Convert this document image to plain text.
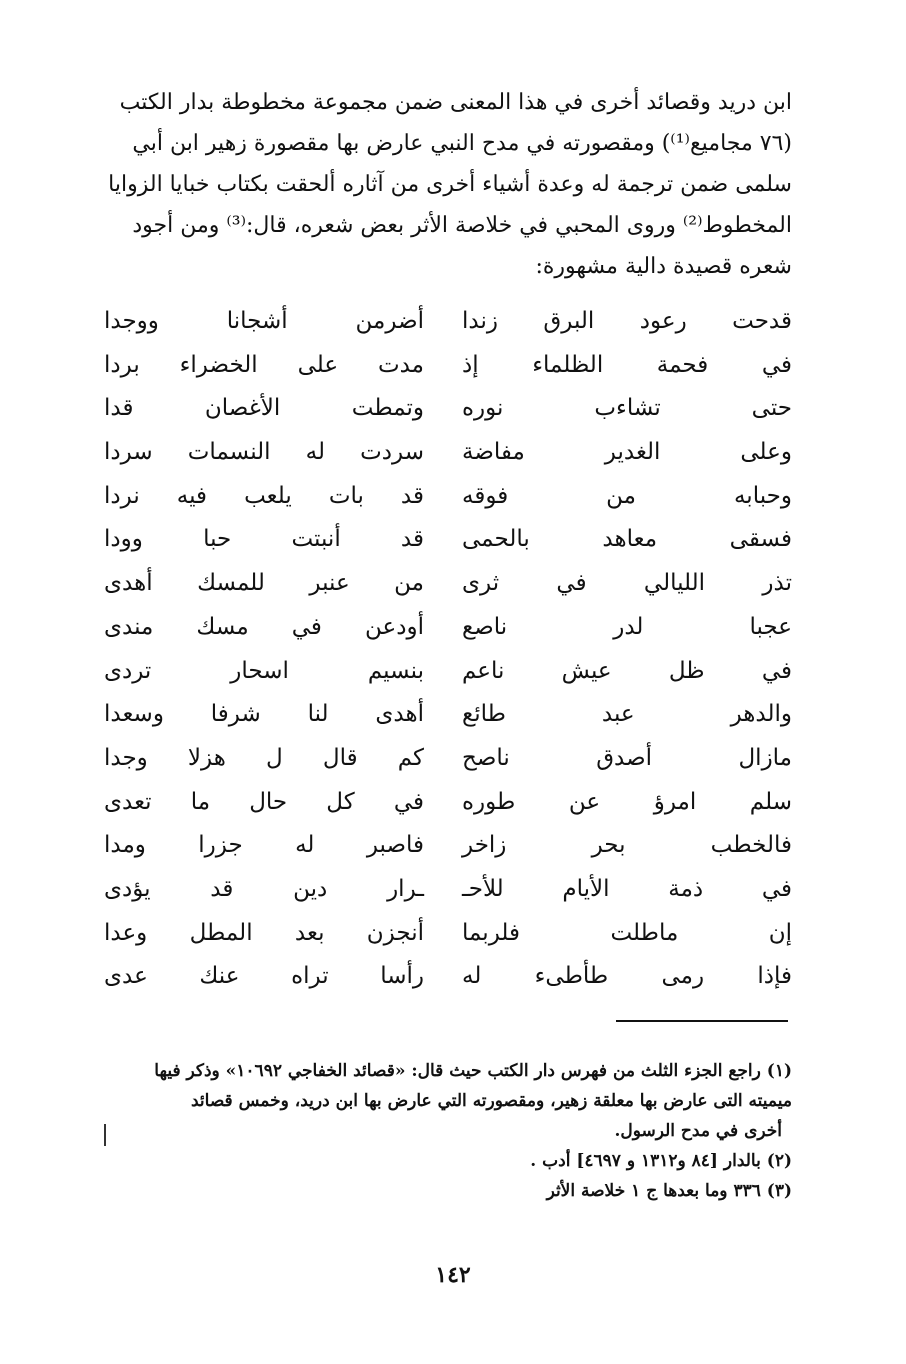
ابن دريد وقصائد أخرى في هذا المعنى ضمن مجموعة مخطوطة بدار الكتب

(٧٦ مجاميع⁽¹⁾) ومقصورته في مدح النبي عارض بها مقصورة زهير ابن أبي

سلمى ضمن ترجمة له وعدة أشياء أخرى من آثاره ألحقت بكتاب خبايا الزوايا

المخطوط⁽²⁾ وروى المحبي في خلاصة الأثر بعض شعره، قال:⁽³⁾ ومن أجود

شعره قصيدة دالية مشهورة:

قدحت رعود البرق زندا
أضرمن أشجانا ووجدا
في فحمة الظلماء إذ
مدت على الخضراء بردا
حتى تشاءب نوره
وتمطت الأغصان قدا
وعلى الغدير مفاضة
سردت له النسمات سردا
وحبابه من فوقه
قد بات يلعب فيه نردا
فسقى معاهد بالحمى
قد أنبتت حبا وودا
تذر الليالي في ثرى
من عنبر للمسك أهدى
عجبا لدر ناصع
أودعن في مسك مندى
في ظل عيش ناعم
بنسيم اسحار تردى
والدهر عبد طائع
أهدى لنا شرفا وسعدا
مازال أصدق ناصح
كم قال ل هزلا وجدا
سلم امرؤ عن طوره
في كل حال ما تعدى
فالخطب بحر زاخر
فاصبر له جزرا ومدا
في ذمة الأيام للأحـ
ـرار دين قد يؤدى
إن ماطلت فلربما
أنجزن بعد المطل وعدا
فإذا رمى طأطىء له
رأسا تراه عنك عدى

(١) راجع الجزء الثلث من فهرس دار الكتب حيث قال: «قصائد الخفاجي ١٠٦٩٢» وذكر فيها

ميميته التى عارض بها معلقة زهير، ومقصورته التي عارض بها ابن دريد، وخمس قصائد

أخرى في مدح الرسول.

(٢) بالدار [٨٤ و١٣١٢ و ٤٦٩٧] أدب .

(٣) ٣٣٦ وما بعدها ج ١ خلاصة الأثر

١٤٢
